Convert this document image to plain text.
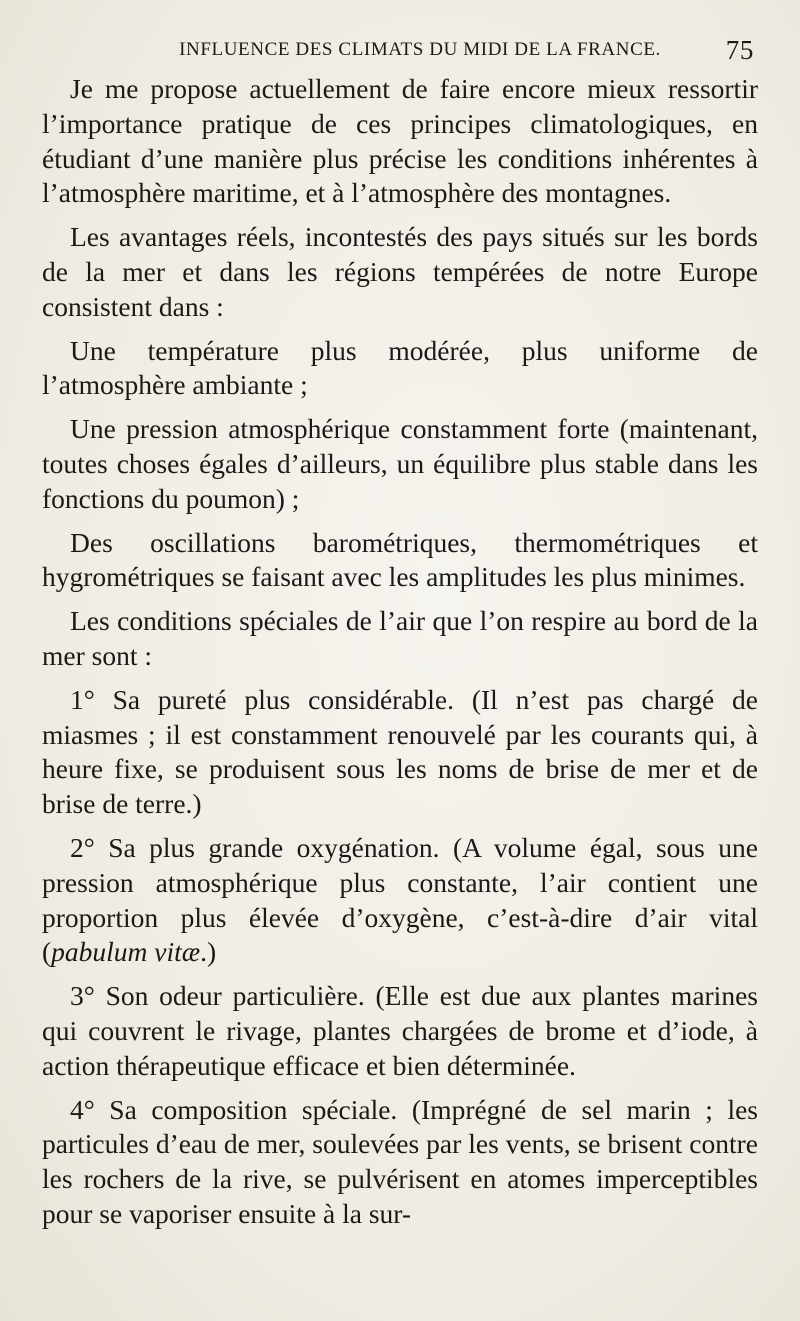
INFLUENCE DES CLIMATS DU MIDI DE LA FRANCE. 75

Je me propose actuellement de faire encore mieux ressortir l’importance pratique de ces principes climatologiques, en étudiant d’une manière plus précise les conditions inhérentes à l’atmosphère maritime, et à l’atmosphère des montagnes.

Les avantages réels, incontestés des pays situés sur les bords de la mer et dans les régions tempérées de notre Europe consistent dans :

Une température plus modérée, plus uniforme de l’atmosphère ambiante ;

Une pression atmosphérique constamment forte (maintenant, toutes choses égales d’ailleurs, un équilibre plus stable dans les fonctions du poumon) ;

Des oscillations barométriques, thermométriques et hygrométriques se faisant avec les amplitudes les plus minimes.

Les conditions spéciales de l’air que l’on respire au bord de la mer sont :

1° Sa pureté plus considérable. (Il n’est pas chargé de miasmes ; il est constamment renouvelé par les courants qui, à heure fixe, se produisent sous les noms de brise de mer et de brise de terre.)

2° Sa plus grande oxygénation. (A volume égal, sous une pression atmosphérique plus constante, l’air contient une proportion plus élevée d’oxygène, c’est-à-dire d’air vital (pabulum vitæ.)

3° Son odeur particulière. (Elle est due aux plantes marines qui couvrent le rivage, plantes chargées de brome et d’iode, à action thérapeutique efficace et bien déterminée.

4° Sa composition spéciale. (Imprégné de sel marin ; les particules d’eau de mer, soulevées par les vents, se brisent contre les rochers de la rive, se pulvérisent en atomes imperceptibles pour se vaporiser ensuite à la sur-
